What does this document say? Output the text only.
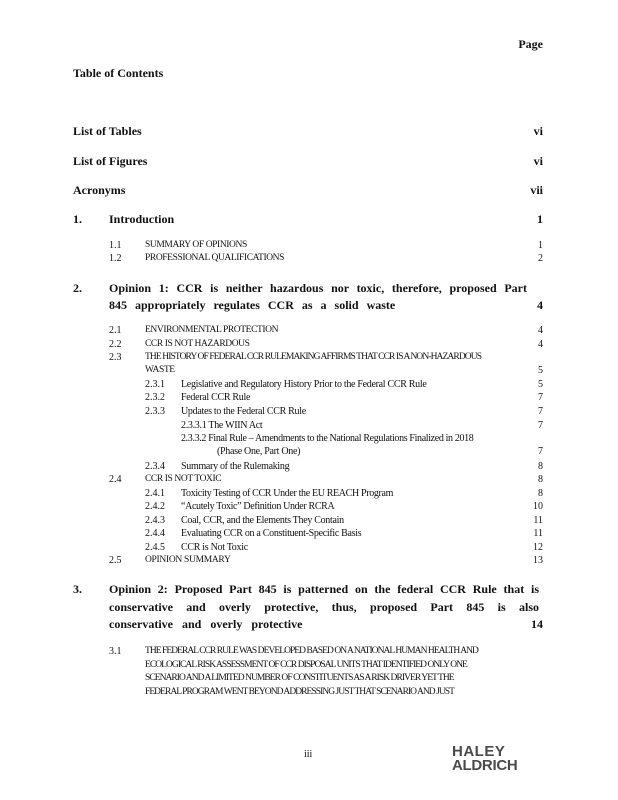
Page
Table of Contents
List of Tables	vi
List of Figures	vi
Acronyms	vii
1. Introduction	1
1.1 SUMMARY OF OPINIONS	1
1.2 PROFESSIONAL QUALIFICATIONS	2
2. Opinion 1: CCR is neither hazardous nor toxic, therefore, proposed Part
845 appropriately regulates CCR as a solid waste	4
2.1 ENVIRONMENTAL PROTECTION	4
2.2 CCR IS NOT HAZARDOUS	4
2.3 THE HISTORY OF FEDERAL CCR RULEMAKING AFFIRMS THAT CCR IS A NON-HAZARDOUS
WASTE	5
2.3.1 Legislative and Regulatory History Prior to the Federal CCR Rule	5
2.3.2 Federal CCR Rule	7
2.3.3 Updates to the Federal CCR Rule	7
2.3.3.1 The WIIN Act	7
2.3.3.2 Final Rule – Amendments to the National Regulations Finalized in 2018
(Phase One, Part One)	7
2.3.4 Summary of the Rulemaking	8
2.4 CCR IS NOT TOXIC	8
2.4.1 Toxicity Testing of CCR Under the EU REACH Program	8
2.4.2 “Acutely Toxic” Definition Under RCRA	10
2.4.3 Coal, CCR, and the Elements They Contain	11
2.4.4 Evaluating CCR on a Constituent-Specific Basis	11
2.4.5 CCR is Not Toxic	12
2.5 OPINION SUMMARY	13
3. Opinion 2: Proposed Part 845 is patterned on the federal CCR Rule that is
conservative and overly protective, thus, proposed Part 845 is also
conservative and overly protective	14
3.1 THE FEDERAL CCR RULE WAS DEVELOPED BASED ON A NATIONAL HUMAN HEALTH AND
ECOLOGICAL RISK ASSESSMENT OF CCR DISPOSAL UNITS THAT IDENTIFIED ONLY ONE
SCENARIO AND A LIMITED NUMBER OF CONSTITUENTS AS A RISK DRIVER YET THE
FEDERAL PROGRAM WENT BEYOND ADDRESSING JUST THAT SCENARIO AND JUST
iii	HALEY
ALDRICH
